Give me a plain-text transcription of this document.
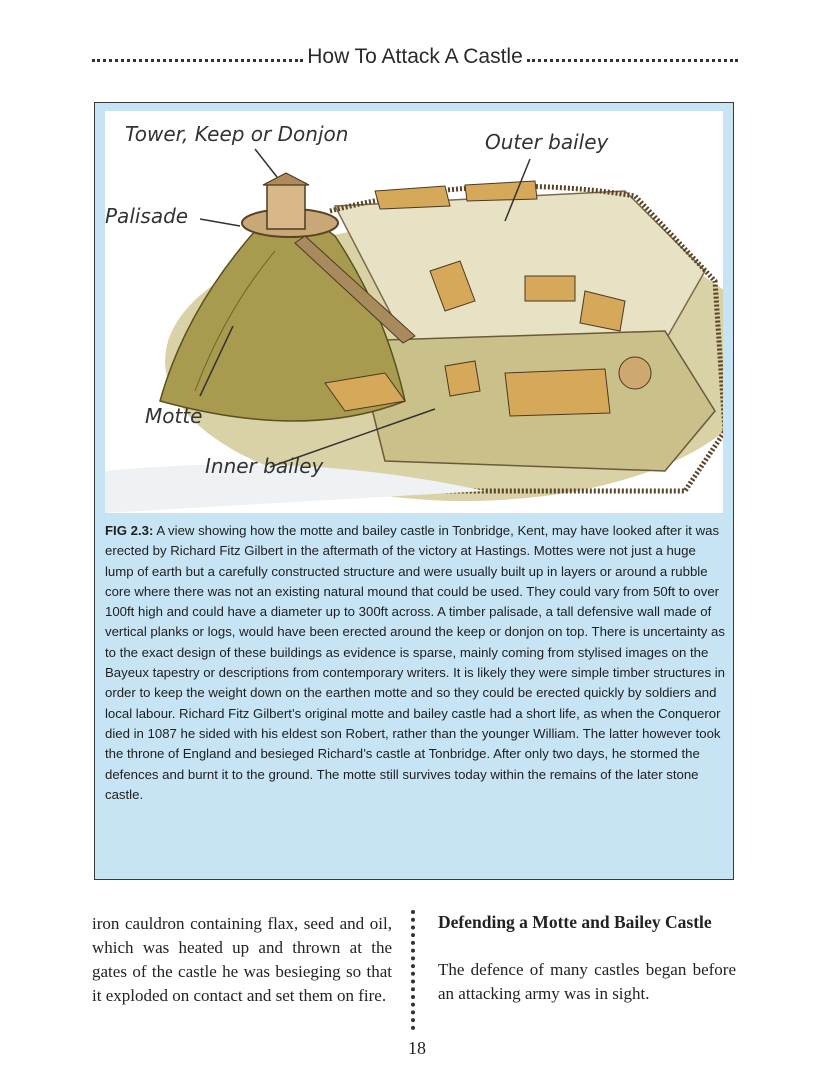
How To Attack A Castle
Tower, Keep or Donjon	Outer bailey
Palisade
Motte
Inner bailey
FIG 2.3: A view showing how the motte and bailey castle in Tonbridge, Kent, may have looked after it was erected by Richard Fitz Gilbert in the aftermath of the victory at Hastings. Mottes were not just a huge lump of earth but a carefully constructed structure and were usually built up in layers or around a rubble core where there was not an existing natural mound that could be used. They could vary from 50ft to over 100ft high and could have a diameter up to 300ft across. A timber palisade, a tall defensive wall made of vertical planks or logs, would have been erected around the keep or donjon on top. There is uncertainty as to the exact design of these buildings as evidence is sparse, mainly coming from stylised images on the Bayeux tapestry or descriptions from contemporary writers. It is likely they were simple timber structures in order to keep the weight down on the earthen motte and so they could be erected quickly by soldiers and local labour. Richard Fitz Gilbert’s original motte and bailey castle had a short life, as when the Conqueror died in 1087 he sided with his eldest son Robert, rather than the younger William. The latter however took the throne of England and besieged Richard’s castle at Tonbridge. After only two days, he stormed the defences and burnt it to the ground. The motte still survives today within the remains of the later stone castle.
iron cauldron containing flax, seed and oil, which was heated up and thrown at the gates of the castle he was besieging so that it exploded on contact and set them on fire.
Defending a Motte and Bailey Castle

The defence of many castles began before an attacking army was in sight.

18
